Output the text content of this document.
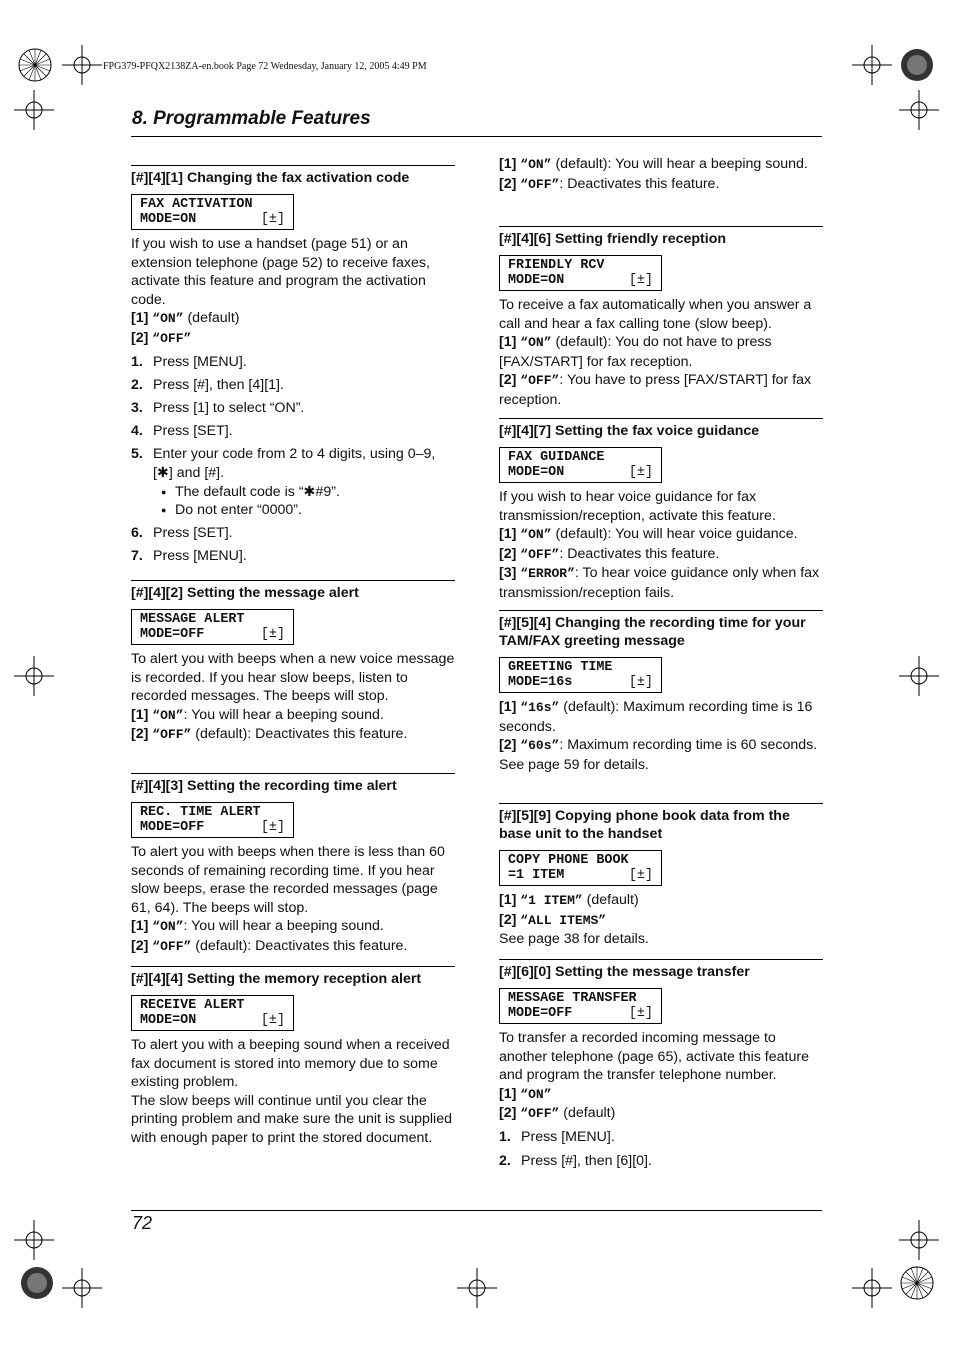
FPG379-PFQX2138ZA-en.book Page 72 Wednesday, January 12, 2005 4:49 PM
8. Programmable Features
72
[#][4][1] Changing the fax activation code
FAX ACTIVATION
MODE=ON	[±]
If you wish to use a handset (page 51) or an extension telephone (page 52) to receive faxes, activate this feature and program the activation code.
[1] “ON” (default)
[2] “OFF”
1. Press [MENU].
2. Press [#], then [4][1].
3. Press [1] to select “ON”.
4. Press [SET].
5. Enter your code from 2 to 4 digits, using 0–9, [✱] and [#].
● The default code is “✱#9”.
● Do not enter “0000”.
6. Press [SET].
7. Press [MENU].
[#][4][2] Setting the message alert
MESSAGE ALERT
MODE=OFF	[±]
To alert you with beeps when a new voice message is recorded. If you hear slow beeps, listen to recorded messages. The beeps will stop.
[1] “ON”: You will hear a beeping sound.
[2] “OFF” (default): Deactivates this feature.
[#][4][3] Setting the recording time alert
REC. TIME ALERT
MODE=OFF	[±]
To alert you with beeps when there is less than 60 seconds of remaining recording time. If you hear slow beeps, erase the recorded messages (page 61, 64). The beeps will stop.
[1] “ON”: You will hear a beeping sound.
[2] “OFF” (default): Deactivates this feature.
[#][4][4] Setting the memory reception alert
RECEIVE ALERT
MODE=ON	[±]
To alert you with a beeping sound when a received fax document is stored into memory due to some existing problem.
The slow beeps will continue until you clear the printing problem and make sure the unit is supplied with enough paper to print the stored document.
[1] “ON” (default): You will hear a beeping sound.
[2] “OFF”: Deactivates this feature.
[#][4][6] Setting friendly reception
FRIENDLY RCV
MODE=ON	[±]
To receive a fax automatically when you answer a call and hear a fax calling tone (slow beep).
[1] “ON” (default): You do not have to press [FAX/START] for fax reception.
[2] “OFF”: You have to press [FAX/START] for fax reception.
[#][4][7] Setting the fax voice guidance
FAX GUIDANCE
MODE=ON	[±]
If you wish to hear voice guidance for fax transmission/reception, activate this feature.
[1] “ON” (default): You will hear voice guidance.
[2] “OFF”: Deactivates this feature.
[3] “ERROR”: To hear voice guidance only when fax transmission/reception fails.
[#][5][4] Changing the recording time for your TAM/FAX greeting message
GREETING TIME
MODE=16s	[±]
[1] “16s” (default): Maximum recording time is 16 seconds.
[2] “60s”: Maximum recording time is 60 seconds.
See page 59 for details.
[#][5][9] Copying phone book data from the base unit to the handset
COPY PHONE BOOK
=1 ITEM	[±]
[1] “1 ITEM” (default)
[2] “ALL ITEMS”
See page 38 for details.
[#][6][0] Setting the message transfer
MESSAGE TRANSFER
MODE=OFF	[±]
To transfer a recorded incoming message to another telephone (page 65), activate this feature and program the transfer telephone number.
[1] “ON”
[2] “OFF” (default)
1. Press [MENU].
2. Press [#], then [6][0].
